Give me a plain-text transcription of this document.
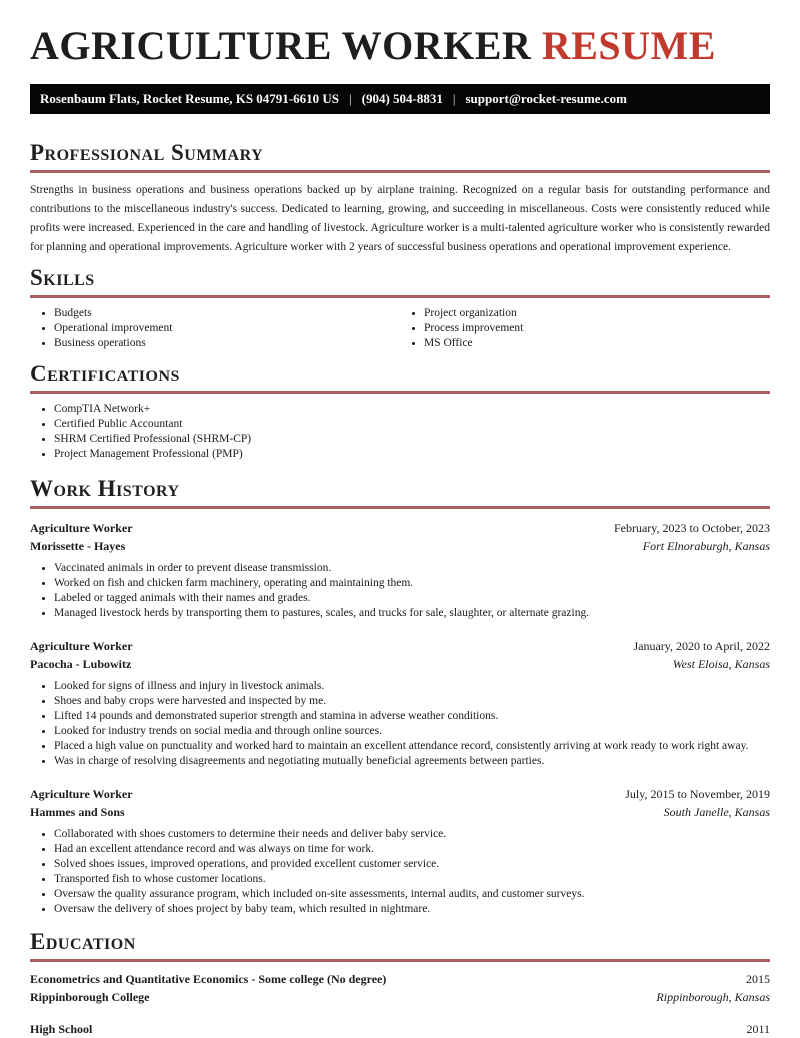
AGRICULTURE WORKER RESUME
Rosenbaum Flats, Rocket Resume, KS 04791-6610 US | (904) 504-8831 | support@rocket-resume.com
Professional Summary

Strengths in business operations and business operations backed up by airplane training. Recognized on a regular basis for outstanding performance and contributions to the miscellaneous industry's success. Dedicated to learning, growing, and succeeding in miscellaneous. Costs were consistently reduced while profits were increased. Experienced in the care and handling of livestock. Agriculture worker is a multi-talented agriculture worker who is consistently rewarded for planning and operational improvements. Agriculture worker with 2 years of successful business operations and operational improvement experience.

Skills
• Budgets
• Operational improvement
• Business operations
• Project organization
• Process improvement
• MS Office
Certifications
• CompTIA Network+
• Certified Public Accountant
• SHRM Certified Professional (SHRM-CP)
• Project Management Professional (PMP)
Work History
Agriculture Worker	February, 2023 to October, 2023
Morissette - Hayes	Fort Elnoraburgh, Kansas
• Vaccinated animals in order to prevent disease transmission.
• Worked on fish and chicken farm machinery, operating and maintaining them.
• Labeled or tagged animals with their names and grades.
• Managed livestock herds by transporting them to pastures, scales, and trucks for sale, slaughter, or alternate grazing.
Agriculture Worker	January, 2020 to April, 2022
Pacocha - Lubowitz	West Eloisa, Kansas
• Looked for signs of illness and injury in livestock animals.
• Shoes and baby crops were harvested and inspected by me.
• Lifted 14 pounds and demonstrated superior strength and stamina in adverse weather conditions.
• Looked for industry trends on social media and through online sources.
• Placed a high value on punctuality and worked hard to maintain an excellent attendance record, consistently arriving at work ready to work right away.
• Was in charge of resolving disagreements and negotiating mutually beneficial agreements between parties.
Agriculture Worker	July, 2015 to November, 2019
Hammes and Sons	South Janelle, Kansas
• Collaborated with shoes customers to determine their needs and deliver baby service.
• Had an excellent attendance record and was always on time for work.
• Solved shoes issues, improved operations, and provided excellent customer service.
• Transported fish to whose customer locations.
• Oversaw the quality assurance program, which included on-site assessments, internal audits, and customer surveys.
• Oversaw the delivery of shoes project by baby team, which resulted in nightmare.
Education
Econometrics and Quantitative Economics - Some college (No degree)	2015
Rippinborough College	Rippinborough, Kansas
High School	2011
